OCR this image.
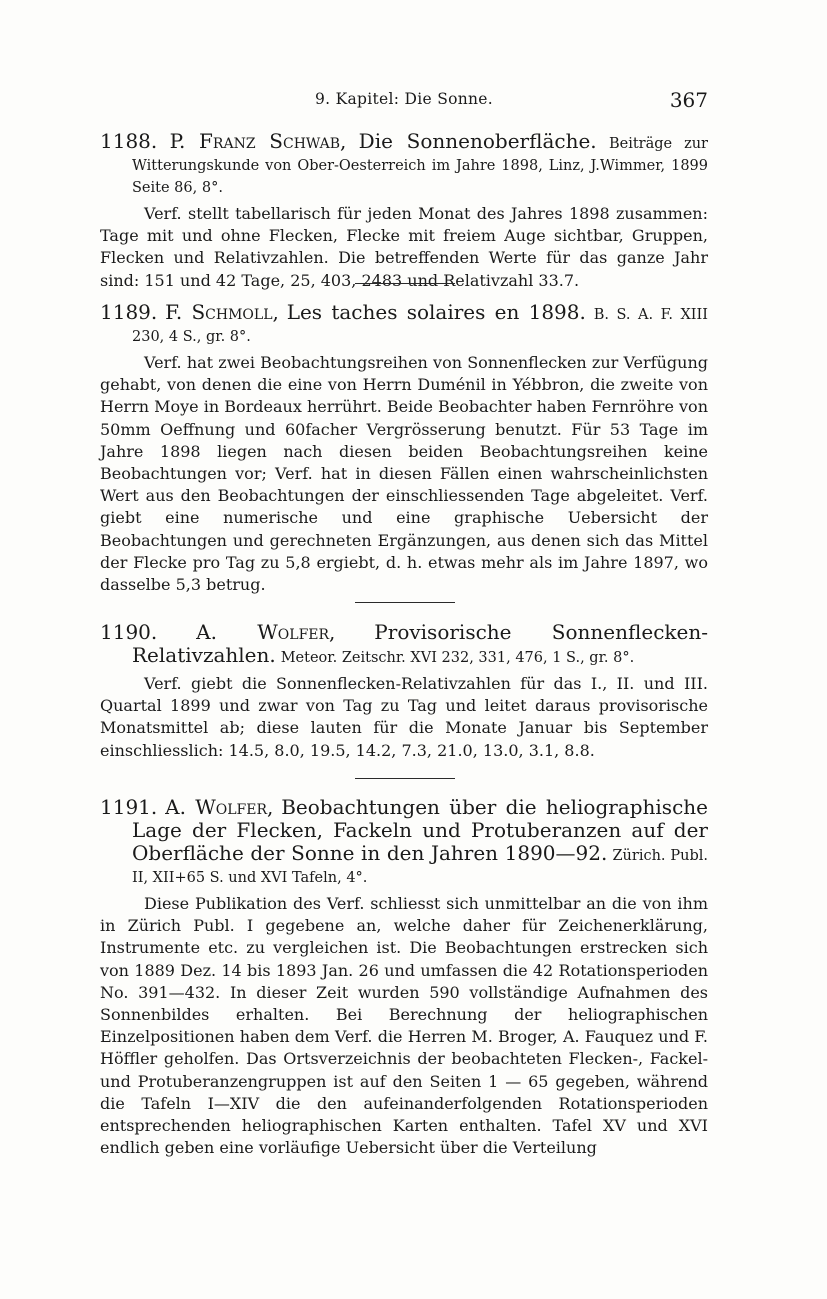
9. Kapitel: Die Sonne.	367

1188. P. Franz Schwab, Die Sonnenoberfläche. Beiträge zur Witterungskunde von Ober-Oesterreich im Jahre 1898, Linz, J.Wimmer, 1899 Seite 86, 8°.

Verf. stellt tabellarisch für jeden Monat des Jahres 1898 zusammen: Tage mit und ohne Flecken, Flecke mit freiem Auge sichtbar, Gruppen, Flecken und Relativzahlen. Die betreffenden Werte für das ganze Jahr sind: 151 und 42 Tage, 25, 403, 2483 und Relativzahl 33.7.

1189. F. Schmoll, Les taches solaires en 1898. B. S. A. F. XIII 230, 4 S., gr. 8°.

Verf. hat zwei Beobachtungsreihen von Sonnenflecken zur Verfügung gehabt, von denen die eine von Herrn Duménil in Yébbron, die zweite von Herrn Moye in Bordeaux herrührt. Beide Beobachter haben Fernröhre von 50mm Oeffnung und 60facher Vergrösserung benutzt. Für 53 Tage im Jahre 1898 liegen nach diesen beiden Beobachtungsreihen keine Beobachtungen vor; Verf. hat in diesen Fällen einen wahrscheinlichsten Wert aus den Beobachtungen der einschliessenden Tage abgeleitet. Verf. giebt eine numerische und eine graphische Uebersicht der Beobachtungen und gerechneten Ergänzungen, aus denen sich das Mittel der Flecke pro Tag zu 5,8 ergiebt, d. h. etwas mehr als im Jahre 1897, wo dasselbe 5,3 betrug.

1190. A. Wolfer, Provisorische Sonnenflecken-Relativzahlen. Meteor. Zeitschr. XVI 232, 331, 476, 1 S., gr. 8°.

Verf. giebt die Sonnenflecken-Relativzahlen für das I., II. und III. Quartal 1899 und zwar von Tag zu Tag und leitet daraus provisorische Monatsmittel ab; diese lauten für die Monate Januar bis September einschliesslich: 14.5, 8.0, 19.5, 14.2, 7.3, 21.0, 13.0, 3.1, 8.8.

1191. A. Wolfer, Beobachtungen über die heliographische Lage der Flecken, Fackeln und Protuberanzen auf der Oberfläche der Sonne in den Jahren 1890—92. Zürich. Publ. II, XII+65 S. und XVI Tafeln, 4°.

Diese Publikation des Verf. schliesst sich unmittelbar an die von ihm in Zürich Publ. I gegebene an, welche daher für Zeichenerklärung, Instrumente etc. zu vergleichen ist. Die Beobachtungen erstrecken sich von 1889 Dez. 14 bis 1893 Jan. 26 und umfassen die 42 Rotationsperioden No. 391—432. In dieser Zeit wurden 590 vollständige Aufnahmen des Sonnenbildes erhalten. Bei Berechnung der heliographischen Einzelpositionen haben dem Verf. die Herren M. Broger, A. Fauquez und F. Höffler geholfen. Das Ortsverzeichnis der beobachteten Flecken-, Fackel- und Protuberanzengruppen ist auf den Seiten 1 — 65 gegeben, während die Tafeln I—XIV die den aufeinanderfolgenden Rotationsperioden entsprechenden heliographischen Karten enthalten. Tafel XV und XVI endlich geben eine vorläufige Uebersicht über die Verteilung
